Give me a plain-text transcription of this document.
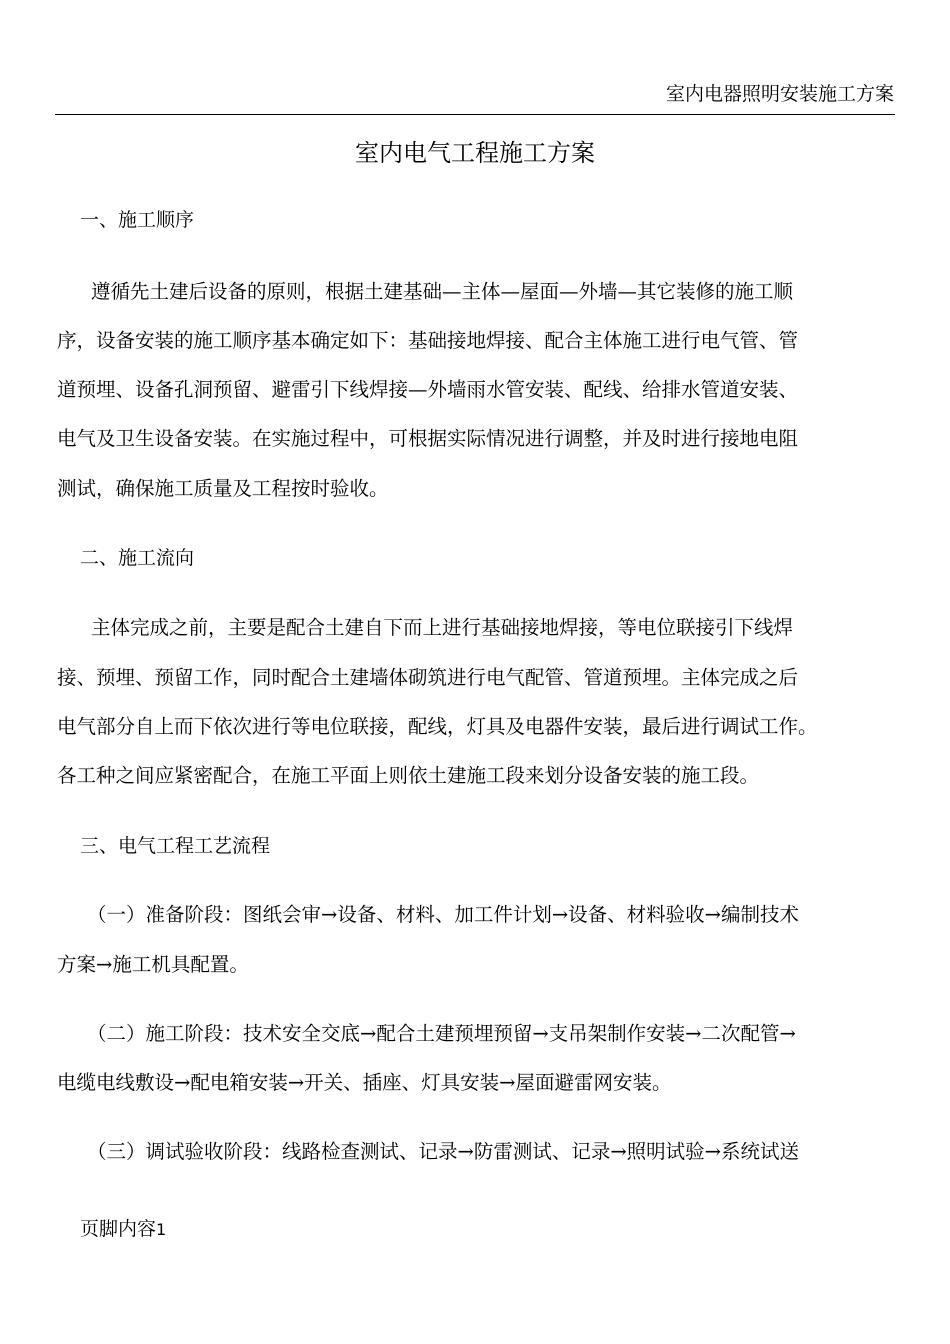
室内电器照明安装施工方案
室内电气工程施工方案
一、施工顺序
遵循先土建后设备的原则，根据土建基础—主体—屋面—外墙—其它装修的施工顺
序，设备安装的施工顺序基本确定如下：基础接地焊接、配合主体施工进行电气管、管
道预埋、设备孔洞预留、避雷引下线焊接—外墙雨水管安装、配线、给排水管道安装、
电气及卫生设备安装。在实施过程中，可根据实际情况进行调整，并及时进行接地电阻
测试，确保施工质量及工程按时验收。
二、施工流向
主体完成之前，主要是配合土建自下而上进行基础接地焊接，等电位联接引下线焊
接、预埋、预留工作，同时配合土建墙体砌筑进行电气配管、管道预埋。主体完成之后
电气部分自上而下依次进行等电位联接，配线，灯具及电器件安装，最后进行调试工作。
各工种之间应紧密配合，在施工平面上则依土建施工段来划分设备安装的施工段。
三、电气工程工艺流程
（一）准备阶段：图纸会审→设备、材料、加工件计划→设备、材料验收→编制技术
方案→施工机具配置。
（二）施工阶段：技术安全交底→配合土建预埋预留→支吊架制作安装→二次配管→
电缆电线敷设→配电箱安装→开关、插座、灯具安装→屋面避雷网安装。
（三）调试验收阶段：线路检查测试、记录→防雷测试、记录→照明试验→系统试送
页脚内容1
